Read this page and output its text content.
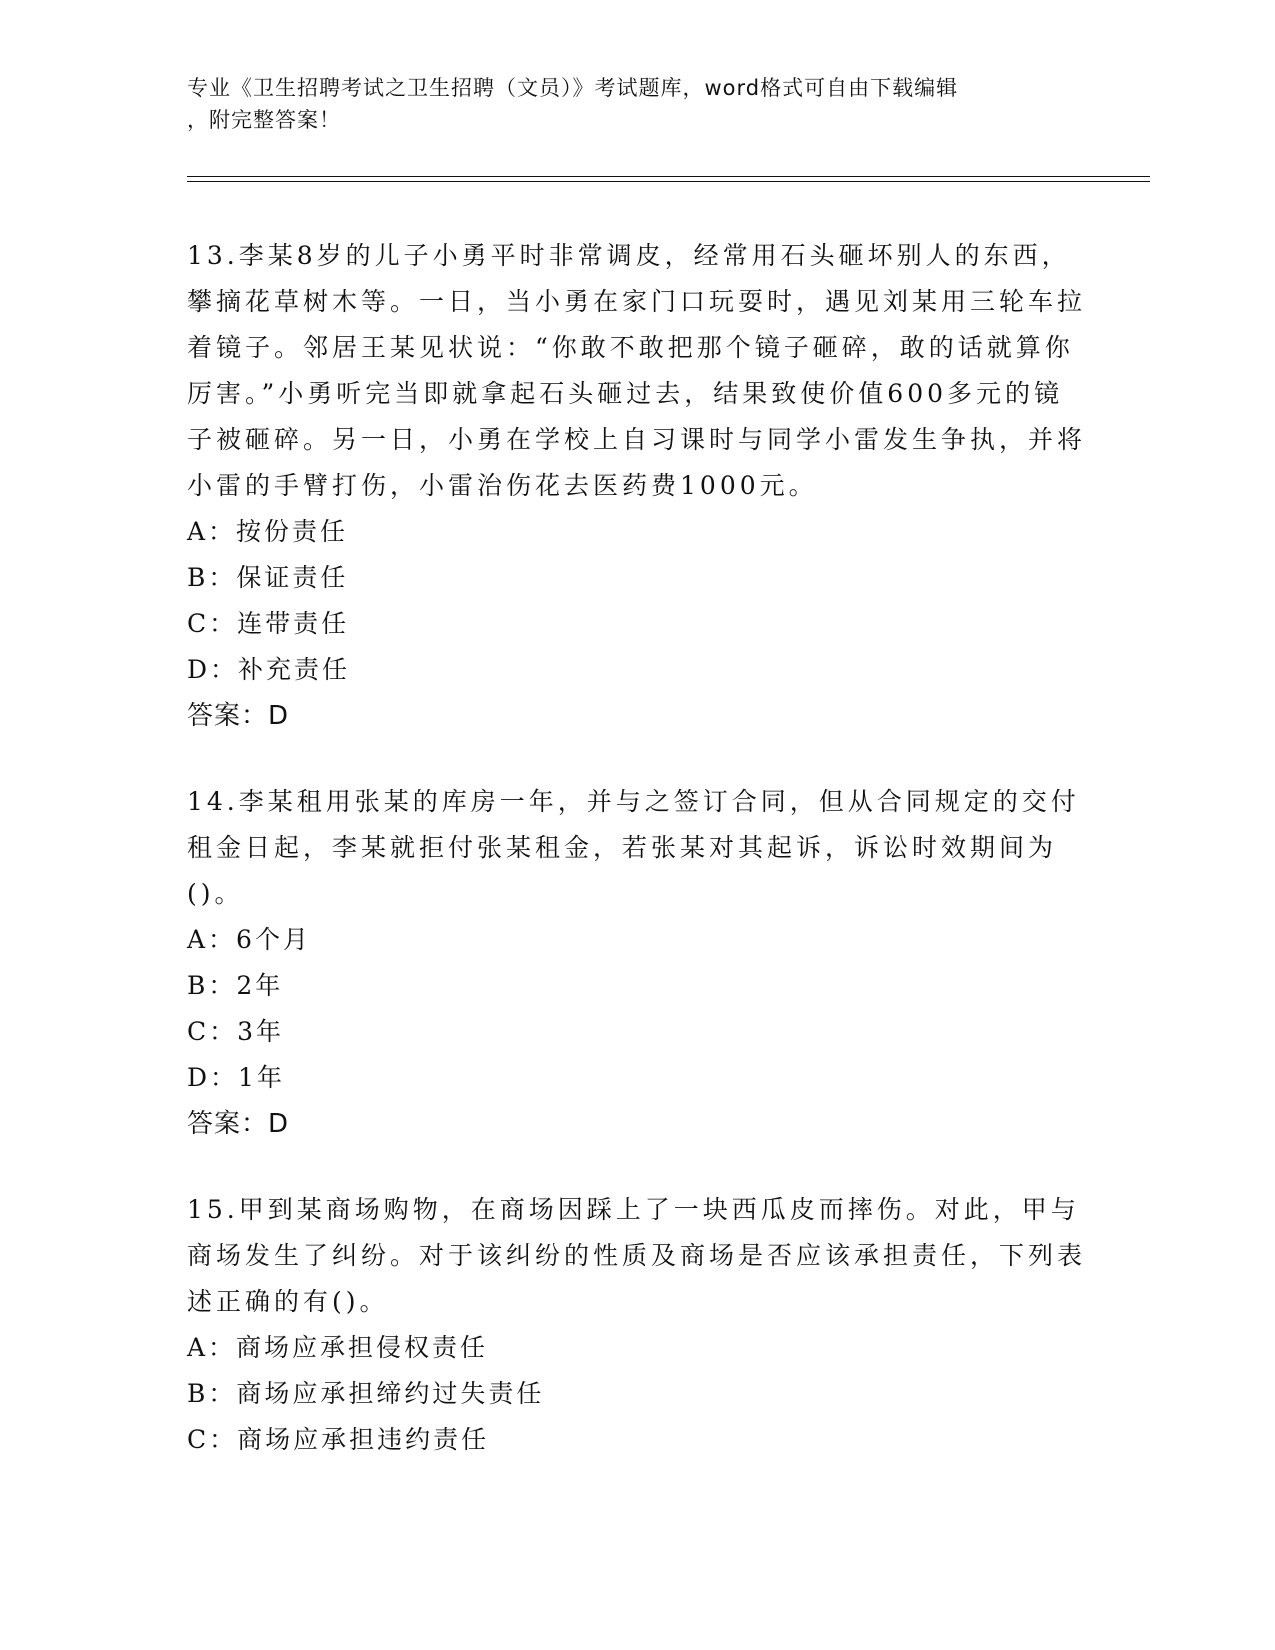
专业《卫生招聘考试之卫生招聘（文员）》考试题库，word格式可自由下载编辑
，附完整答案！
13.李某8岁的儿子小勇平时非常调皮，经常用石头砸坏别人的东西，攀摘花草树木等。一日，当小勇在家门口玩耍时，遇见刘某用三轮车拉着镜子。邻居王某见状说：“你敢不敢把那个镜子砸碎，敢的话就算你厉害。”小勇听完当即就拿起石头砸过去，结果致使价值600多元的镜子被砸碎。另一日，小勇在学校上自习课时与同学小雷发生争执，并将小雷的手臂打伤，小雷治伤花去医药费1000元。
A：按份责任
B：保证责任
C：连带责任
D：补充责任
答案：D
14.李某租用张某的库房一年，并与之签订合同，但从合同规定的交付租金日起，李某就拒付张某租金，若张某对其起诉，诉讼时效期间为()。
A：6个月
B：2年
C：3年
D：1年
答案：D
15.甲到某商场购物，在商场因踩上了一块西瓜皮而摔伤。对此，甲与商场发生了纠纷。对于该纠纷的性质及商场是否应该承担责任，下列表述正确的有()。
A：商场应承担侵权责任
B：商场应承担缔约过失责任
C：商场应承担违约责任
